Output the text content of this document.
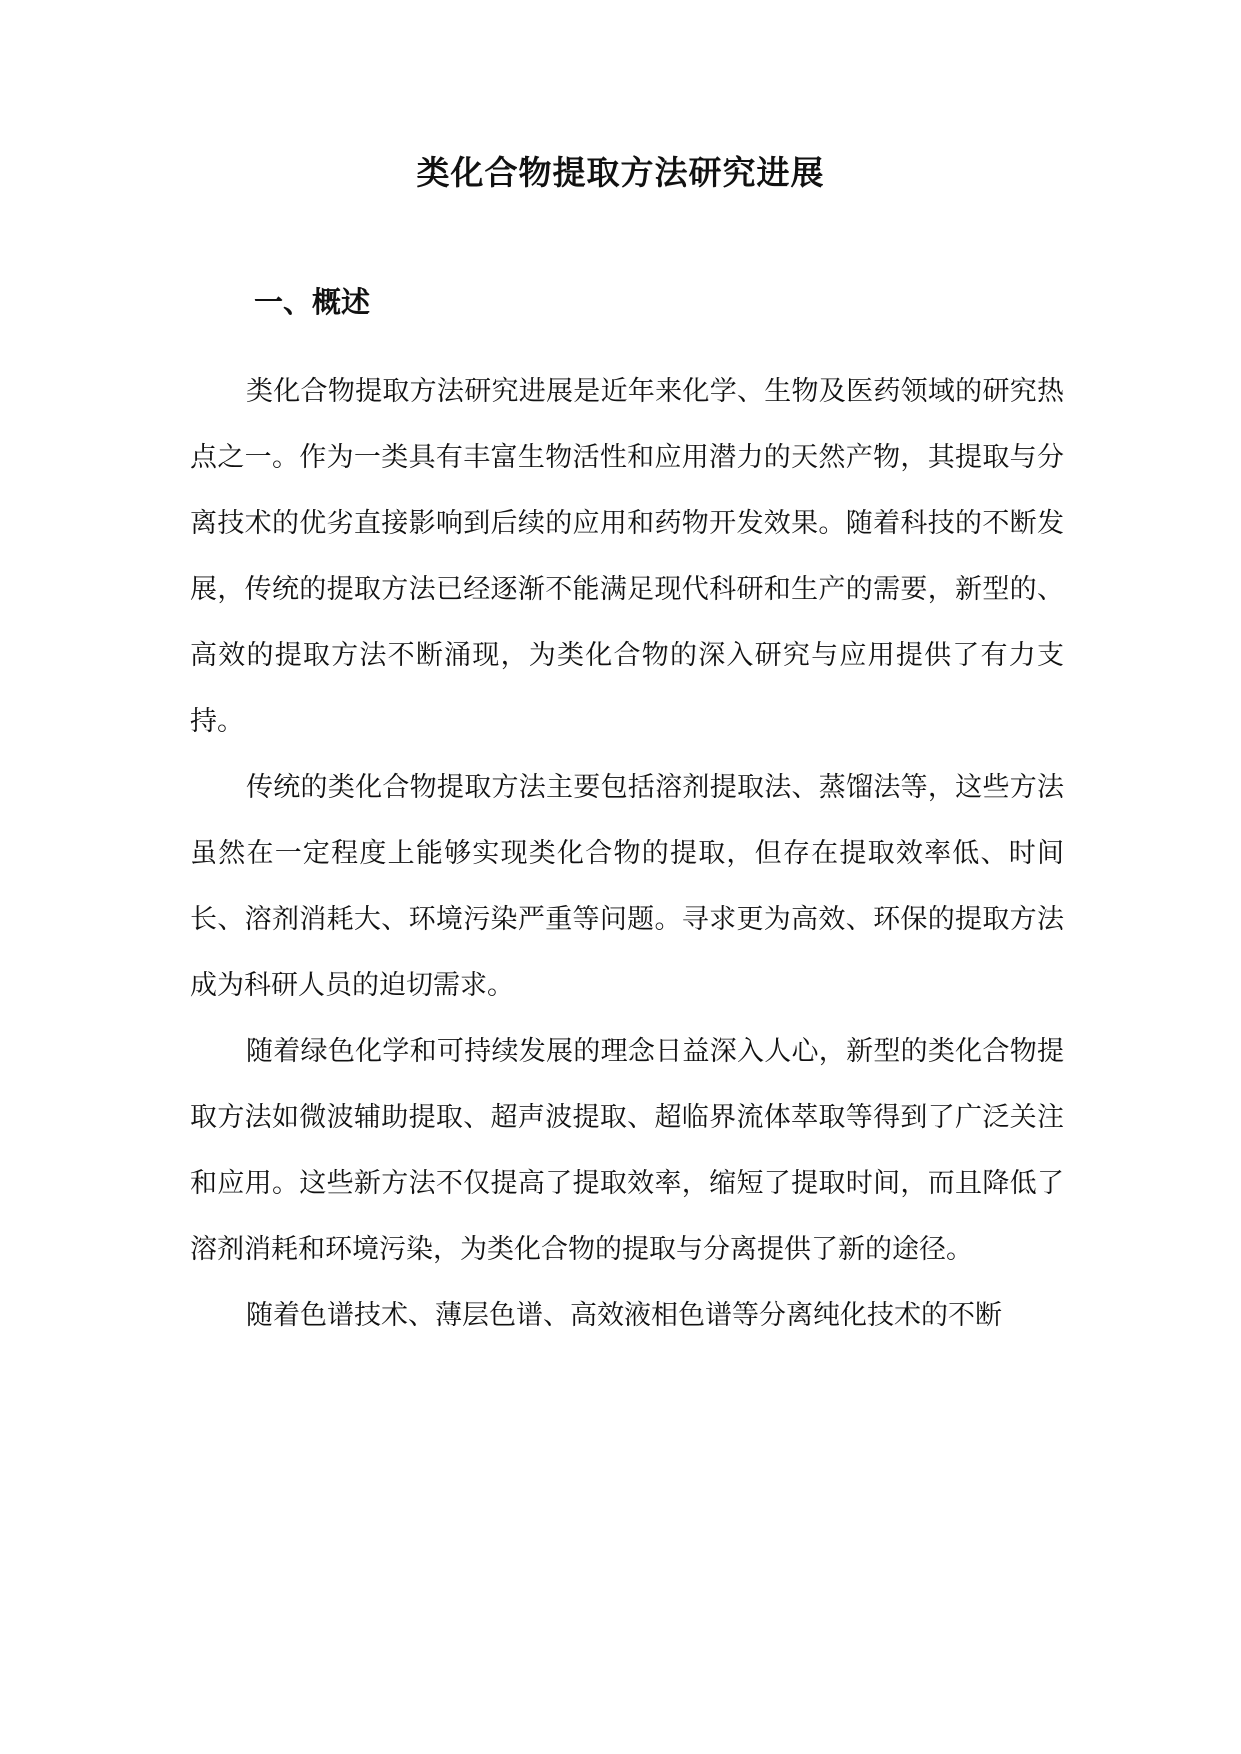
类化合物提取方法研究进展
一、概述

类化合物提取方法研究进展是近年来化学、生物及医药领域的研究热点之一。作为一类具有丰富生物活性和应用潜力的天然产物，其提取与分离技术的优劣直接影响到后续的应用和药物开发效果。随着科技的不断发展，传统的提取方法已经逐渐不能满足现代科研和生产的需要，新型的、高效的提取方法不断涌现，为类化合物的深入研究与应用提供了有力支持。

传统的类化合物提取方法主要包括溶剂提取法、蒸馏法等，这些方法虽然在一定程度上能够实现类化合物的提取，但存在提取效率低、时间长、溶剂消耗大、环境污染严重等问题。寻求更为高效、环保的提取方法成为科研人员的迫切需求。

随着绿色化学和可持续发展的理念日益深入人心，新型的类化合物提取方法如微波辅助提取、超声波提取、超临界流体萃取等得到了广泛关注和应用。这些新方法不仅提高了提取效率，缩短了提取时间，而且降低了溶剂消耗和环境污染，为类化合物的提取与分离提供了新的途径。

随着色谱技术、薄层色谱、高效液相色谱等分离纯化技术的不断
